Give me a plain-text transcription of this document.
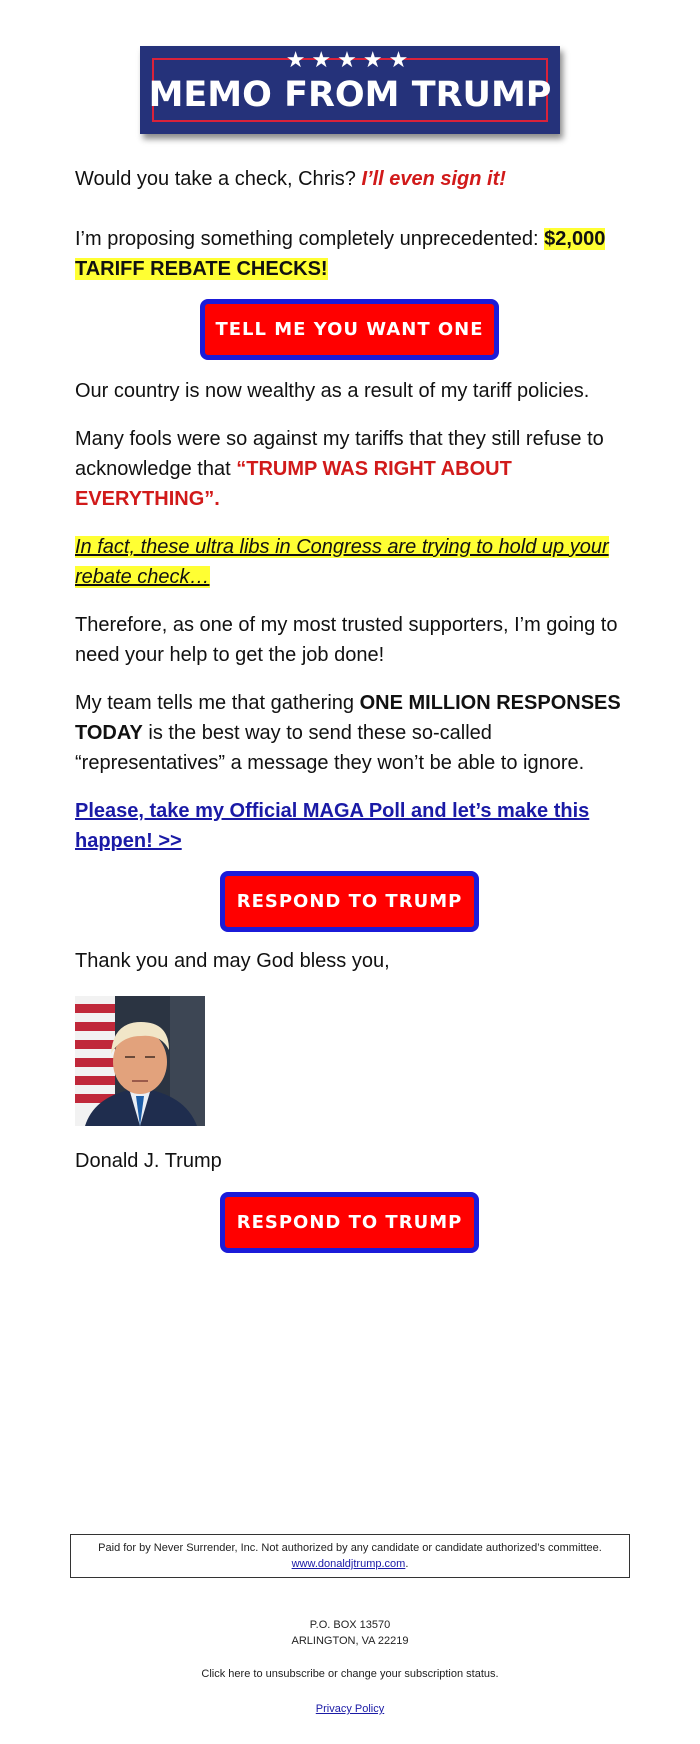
★★★★★
MEMO FROM TRUMP

Would you take a check, Chris? I’ll even sign it!

I’m proposing something completely unprecedented: $2,000 TARIFF REBATE CHECKS!

TELL ME YOU WANT ONE

Our country is now wealthy as a result of my tariff policies.

Many fools were so against my tariffs that they still refuse to acknowledge that “TRUMP WAS RIGHT ABOUT EVERYTHING”.

In fact, these ultra libs in Congress are trying to hold up your rebate check…

Therefore, as one of my most trusted supporters, I’m going to need your help to get the job done!

My team tells me that gathering ONE MILLION RESPONSES TODAY is the best way to send these so-called “representatives” a message they won’t be able to ignore.

Please, take my Official MAGA Poll and let’s make this happen! >>

RESPOND TO TRUMP

Thank you and may God bless you,

Donald J. Trump

RESPOND TO TRUMP
Paid for by Never Surrender, Inc. Not authorized by any candidate or candidate authorized’s committee.
www.donaldjtrump.com.
P.O. BOX 13570
ARLINGTON, VA 22219
Click here to unsubscribe or change your subscription status.
Privacy Policy
